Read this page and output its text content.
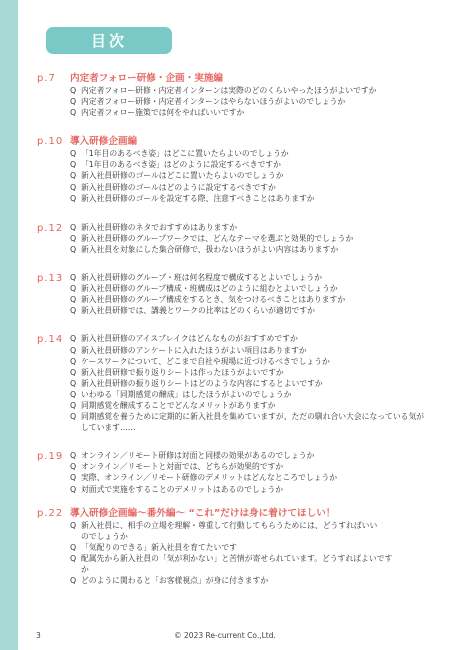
目次
p.7 内定者フォロー研修・企画・実施編
Q 内定者フォロー研修・内定者インターンは実際のどのくらいやったほうがよいですか
Q 内定者フォロー研修・内定者インターンはやらないほうがよいのでしょうか
Q 内定者フォロー施策では何をやればいいですか
p.10 導入研修企画編
Q 「1年目のあるべき姿」はどこに置いたらよいのでしょうか
Q 「1年目のあるべき姿」はどのように設定するべきですか
Q 新入社員研修のゴールはどこに置いたらよいのでしょうか
Q 新入社員研修のゴールはどのように設定するべきですか
Q 新入社員研修のゴールを設定する際、注意すべきことはありますか
p.12 Q 新入社員研修のネタでおすすめはありますか
Q 新入社員研修のグループワークでは、どんなテーマを選ぶと効果的でしょうか
Q 新入社員を対象にした集合研修で、扱わないほうがよい内容はありますか
p.13 Q 新入社員研修のグループ・班は何名程度で構成するとよいでしょうか
Q 新入社員研修のグループ構成・班構成はどのように組むとよいでしょうか
Q 新入社員研修のグループ構成をするとき、気をつけるべきことはありますか
Q 新入社員研修では、講義とワークの比率はどのくらいが適切ですか
p.14 Q 新入社員研修のアイスブレイクはどんなものがおすすめですか
Q 新入社員研修のアンケートに入れたほうがよい項目はありますか
Q ケースワークについて、どこまで自社や現場に近づけるべきでしょうか
Q 新入社員研修で振り返りシートは作ったほうがよいですか
Q 新入社員研修の振り返りシートはどのような内容にするとよいですか
Q いわゆる「同期感覚の醸成」はしたほうがよいのでしょうか
Q 同期感覚を醸成することでどんなメリットがありますか
Q 同期感覚を養うために定期的に新入社員を集めていますが、ただの馴れ合い大会になっている気がしています……
p.19 Q オンライン／リモート研修は対面と同様の効果があるのでしょうか
Q オンライン／リモートと対面では、どちらが効果的ですか
Q 実際、オンライン／リモート研修のデメリットはどんなところでしょうか
Q 対面式で実施をすることのデメリットはあるのでしょうか
p.22 導入研修企画編～番外編～ “これ”だけは身に着けてほしい！
Q 新入社員に、相手の立場を理解・尊重して行動してもらうためには、どうすればいいのでしょうか
Q 「気配りのできる」新入社員を育てたいです
Q 配属先から新入社員の「気が利かない」と苦情が寄せられています。どうすればよいですか
Q どのように関わると「お客様視点」が身に付きますか
3	© 2023 Re-current Co.,Ltd.
